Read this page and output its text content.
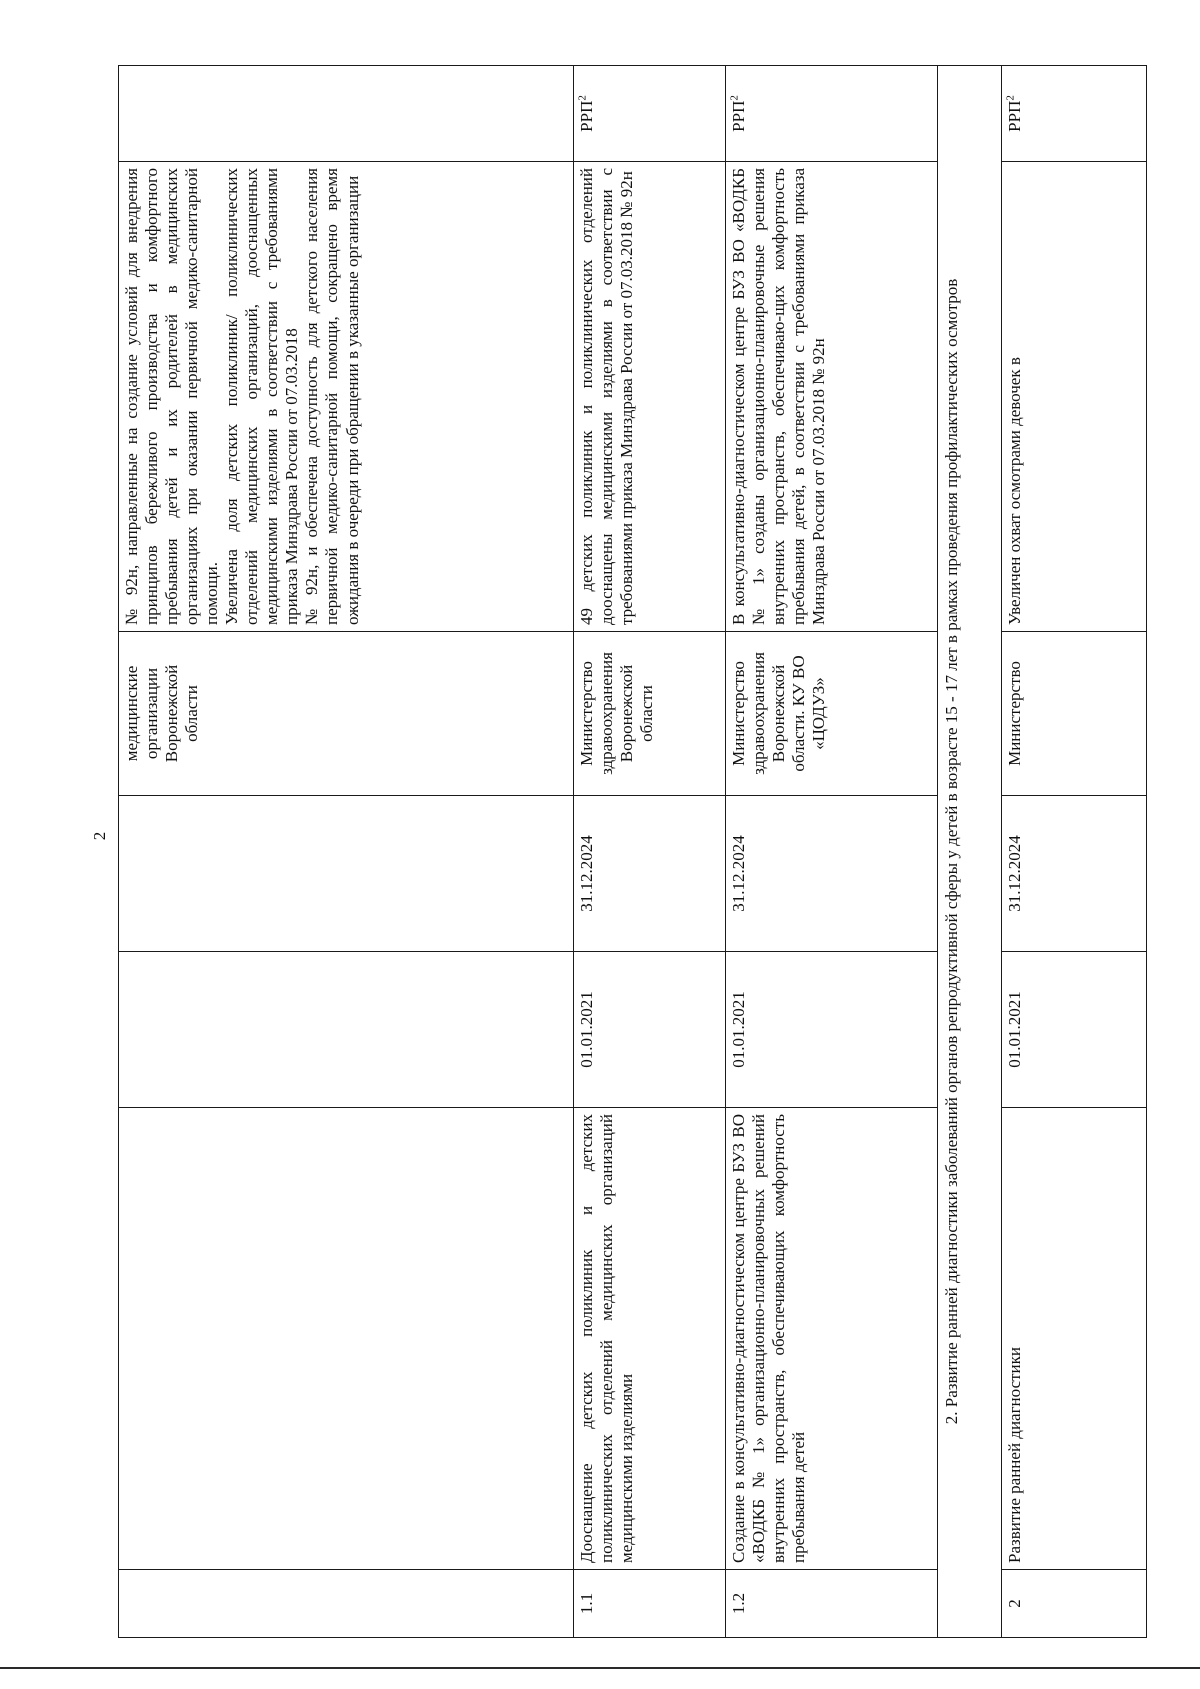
2
				медицинские организации Воронежской области	№ 92н, направленные на создание условий для внедрения принципов бережливого производства и комфортного пребывания детей и их родителей в медицинских организациях при оказании первичной медико-санитарной помощи. Увеличена доля детских поликлиник/ поликлинических отделений медицинских организаций, дооснащенных медицинскими изделиями в соответствии с требованиями приказа Минздрава России от 07.03.2018 № 92н, и обеспечена доступность для детского населения первичной медико-санитарной помощи, сокращено время ожидания в очереди при обращении в указанные организации	

1.1	Дооснащение детских поликлиник и детских поликлинических отделений медицинских организаций медицинскими изделиями	01.01.2021	31.12.2024	Министерство здравоохранения Воронежской области	49 детских поликлиник и поликлинических отделений дооснащены медицинскими изделиями в соответствии с требованиями приказа Минздрава России от 07.03.2018 № 92н	РРП$^2$
1.2	Создание в консультативно-диагностическом центре БУЗ ВО «ВОДКБ № 1» организационно-планировочных решений внутренних пространств, обеспечивающих комфортность пребывания детей	01.01.2021	31.12.2024	Министерство здравоохранения Воронежской области. КУ ВО «ЦОДУЗ»	В консультативно-диагностическом центре БУЗ ВО «ВОДКБ № 1» созданы организационно-планировочные решения внутренних пространств, обеспечиваю-щих комфортность пребывания детей, в соответствии с требованиями приказа Минздрава России от 07.03.2018 № 92н	РРП$^2$
2. Развитие ранней диагностики заболеваний органов репродуктивной сферы у детей в возрасте 15 - 17 лет в рамках проведения профилактических осмотров						
2	Развитие ранней диагностики	01.01.2021	31.12.2024	Министерство	Увеличен охват осмотрами девочек в	РРП$^2$
